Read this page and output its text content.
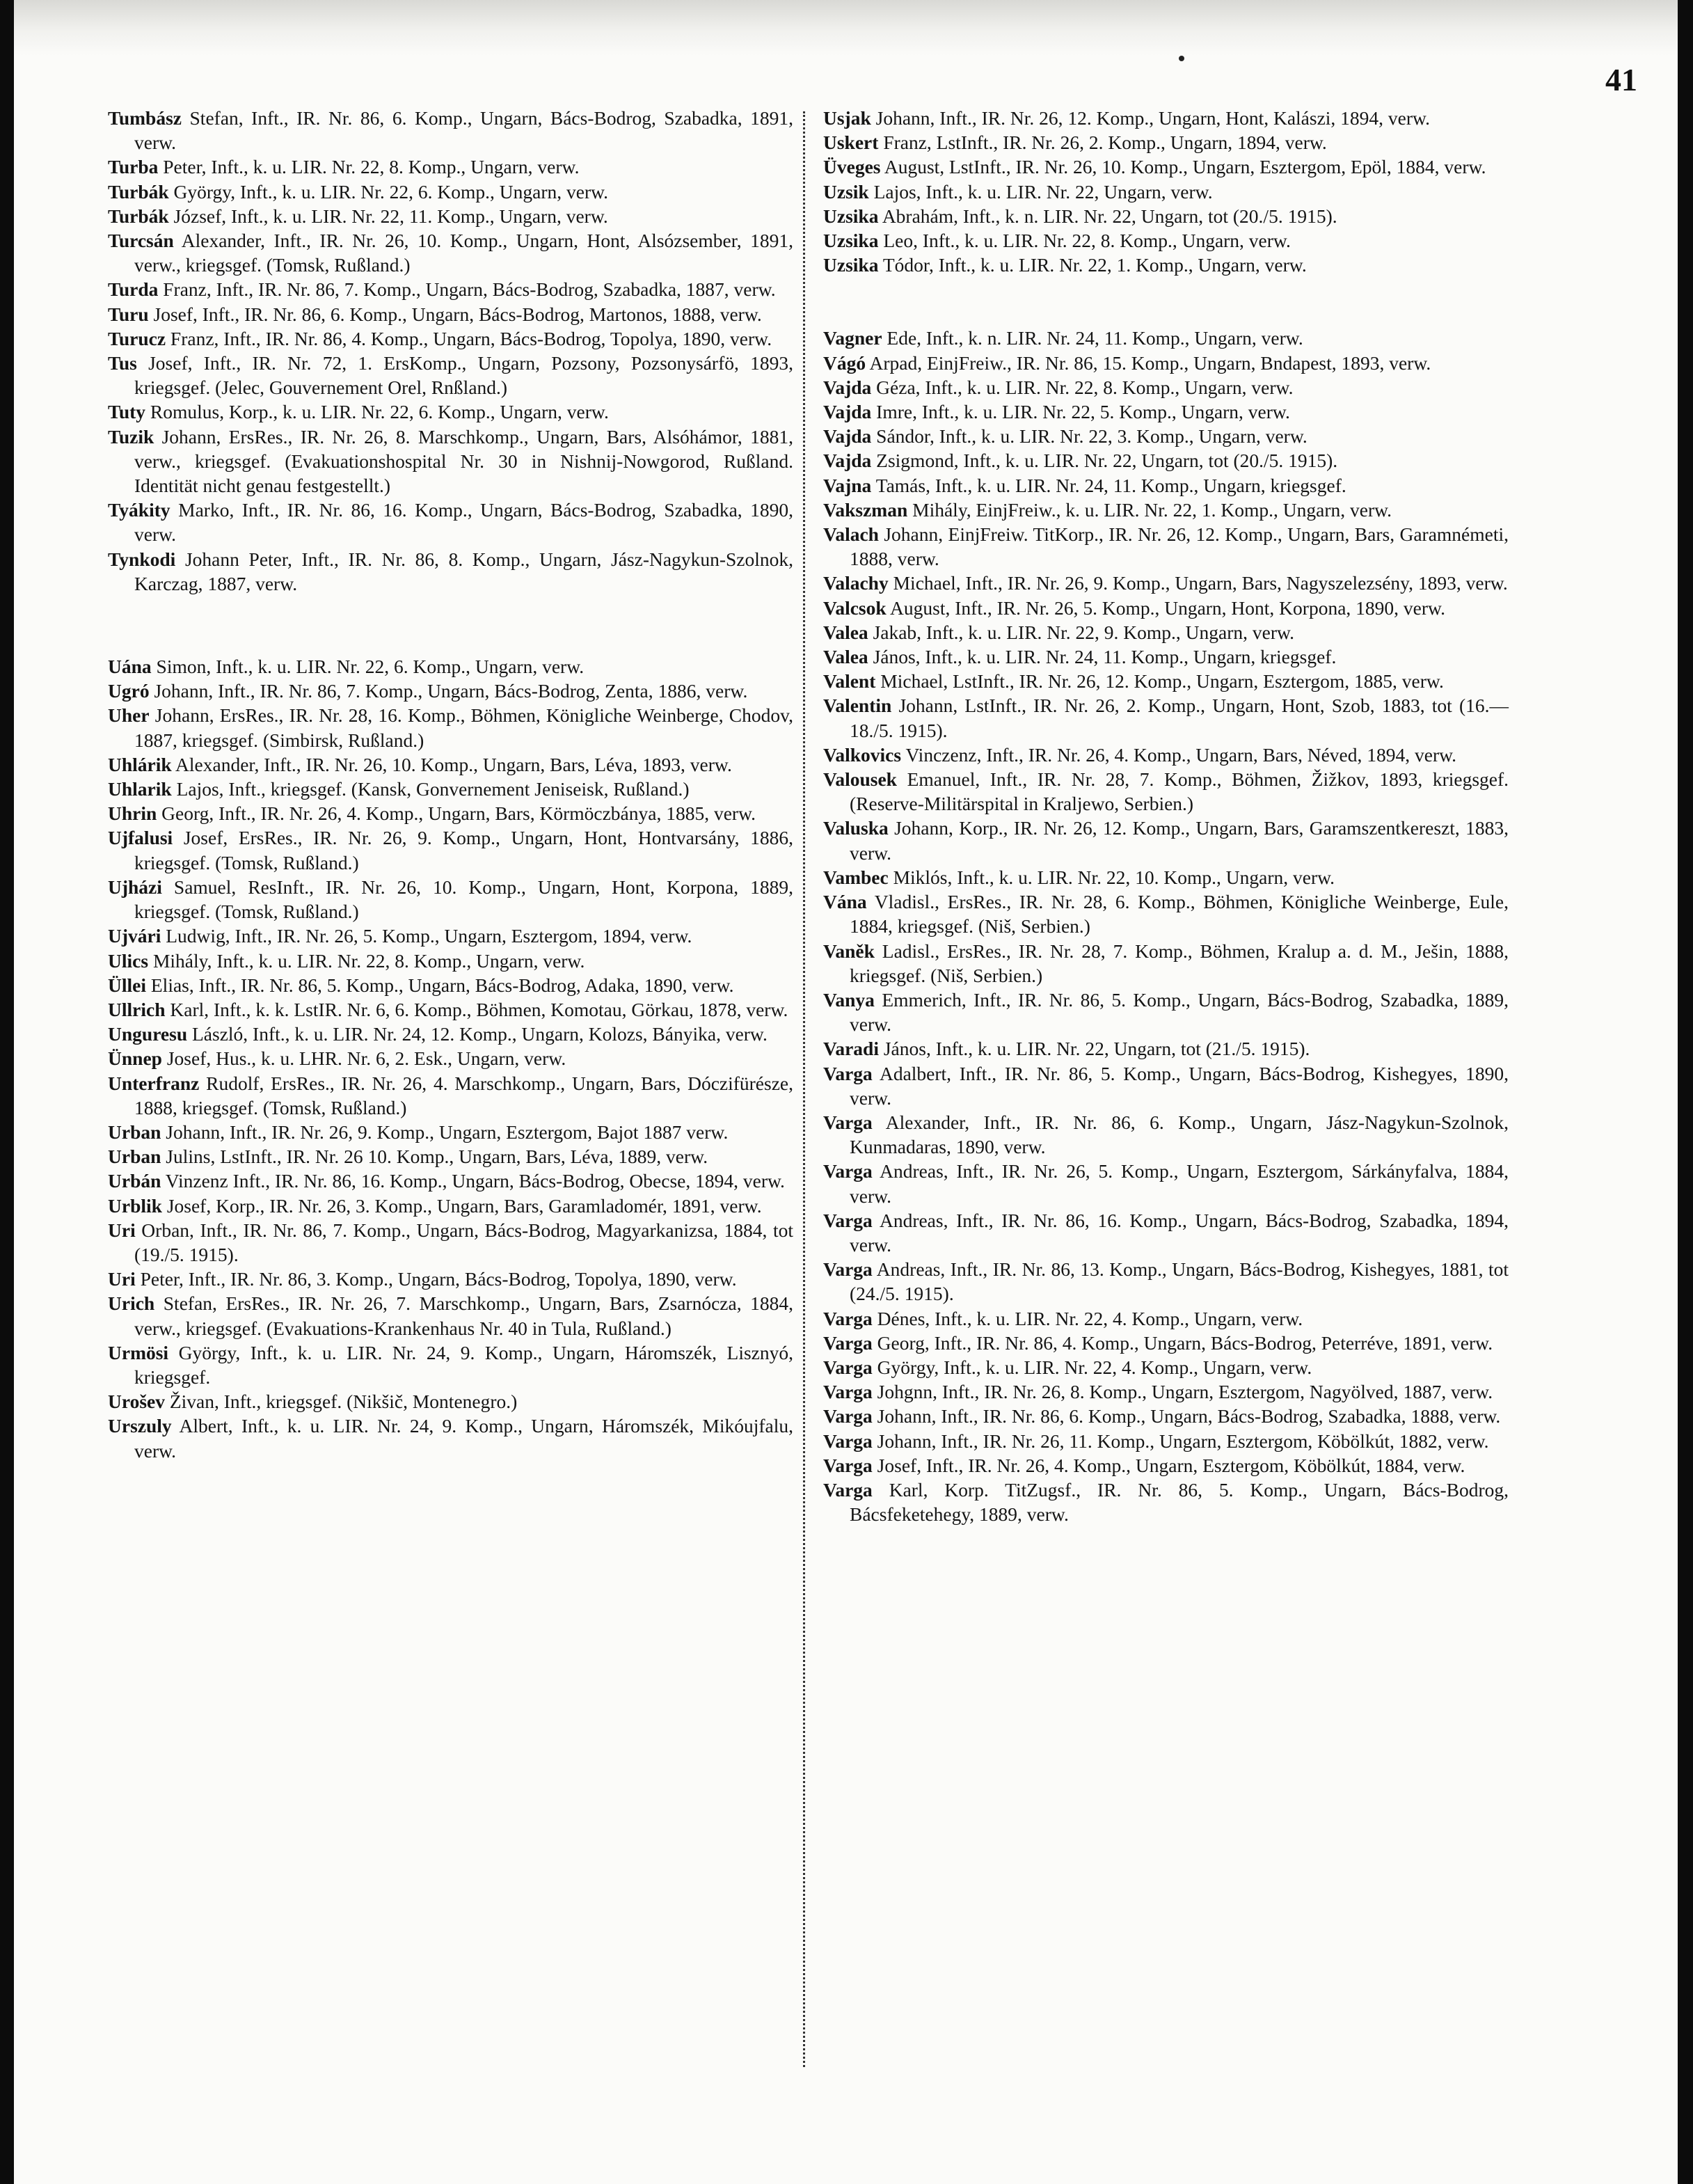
41

Tumbász Stefan, Inft., IR. Nr. 86, 6. Komp., Ungarn, Bács-Bodrog, Szabadka, 1891, verw.

Turba Peter, Inft., k. u. LIR. Nr. 22, 8. Komp., Ungarn, verw.

Turbák György, Inft., k. u. LIR. Nr. 22, 6. Komp., Ungarn, verw.

Turbák József, Inft., k. u. LIR. Nr. 22, 11. Komp., Ungarn, verw.

Turcsán Alexander, Inft., IR. Nr. 26, 10. Komp., Ungarn, Hont, Alsózsember, 1891, verw., kriegsgef. (Tomsk, Rußland.)

Turda Franz, Inft., IR. Nr. 86, 7. Komp., Ungarn, Bács-Bodrog, Szabadka, 1887, verw.

Turu Josef, Inft., IR. Nr. 86, 6. Komp., Ungarn, Bács-Bodrog, Martonos, 1888, verw.

Turucz Franz, Inft., IR. Nr. 86, 4. Komp., Ungarn, Bács-Bodrog, Topolya, 1890, verw.

Tus Josef, Inft., IR. Nr. 72, 1. ErsKomp., Ungarn, Pozsony, Pozsonysárfö, 1893, kriegsgef. (Jelec, Gouvernement Orel, Rnßland.)

Tuty Romulus, Korp., k. u. LIR. Nr. 22, 6. Komp., Ungarn, verw.

Tuzik Johann, ErsRes., IR. Nr. 26, 8. Marschkomp., Ungarn, Bars, Alsóhámor, 1881, verw., kriegsgef. (Evakuationshospital Nr. 30 in Nishnij-Nowgorod, Rußland. Identität nicht genau festgestellt.)

Tyákity Marko, Inft., IR. Nr. 86, 16. Komp., Ungarn, Bács-Bodrog, Szabadka, 1890, verw.

Tynkodi Johann Peter, Inft., IR. Nr. 86, 8. Komp., Ungarn, Jász-Nagykun-Szolnok, Karczag, 1887, verw.

Uána Simon, Inft., k. u. LIR. Nr. 22, 6. Komp., Ungarn, verw.

Ugró Johann, Inft., IR. Nr. 86, 7. Komp., Ungarn, Bács-Bodrog, Zenta, 1886, verw.

Uher Johann, ErsRes., IR. Nr. 28, 16. Komp., Böhmen, Königliche Weinberge, Chodov, 1887, kriegsgef. (Simbirsk, Rußland.)

Uhlárik Alexander, Inft., IR. Nr. 26, 10. Komp., Ungarn, Bars, Léva, 1893, verw.

Uhlarik Lajos, Inft., kriegsgef. (Kansk, Gonvernement Jeniseisk, Rußland.)

Uhrin Georg, Inft., IR. Nr. 26, 4. Komp., Ungarn, Bars, Körmöczbánya, 1885, verw.

Ujfalusi Josef, ErsRes., IR. Nr. 26, 9. Komp., Ungarn, Hont, Hontvarsány, 1886, kriegsgef. (Tomsk, Rußland.)

Ujházi Samuel, ResInft., IR. Nr. 26, 10. Komp., Ungarn, Hont, Korpona, 1889, kriegsgef. (Tomsk, Rußland.)

Ujvári Ludwig, Inft., IR. Nr. 26, 5. Komp., Ungarn, Esztergom, 1894, verw.

Ulics Mihály, Inft., k. u. LIR. Nr. 22, 8. Komp., Ungarn, verw.

Üllei Elias, Inft., IR. Nr. 86, 5. Komp., Ungarn, Bács-Bodrog, Adaka, 1890, verw.

Ullrich Karl, Inft., k. k. LstIR. Nr. 6, 6. Komp., Böhmen, Komotau, Görkau, 1878, verw.

Unguresu László, Inft., k. u. LIR. Nr. 24, 12. Komp., Ungarn, Kolozs, Bányika, verw.

Ünnep Josef, Hus., k. u. LHR. Nr. 6, 2. Esk., Ungarn, verw.

Unterfranz Rudolf, ErsRes., IR. Nr. 26, 4. Marschkomp., Ungarn, Bars, Dóczifürésze, 1888, kriegsgef. (Tomsk, Rußland.)

Urban Johann, Inft., IR. Nr. 26, 9. Komp., Ungarn, Esztergom, Bajot 1887 verw.

Urban Julins, LstInft., IR. Nr. 26 10. Komp., Ungarn, Bars, Léva, 1889, verw.

Urbán Vinzenz Inft., IR. Nr. 86, 16. Komp., Ungarn, Bács-Bodrog, Obecse, 1894, verw.

Urblik Josef, Korp., IR. Nr. 26, 3. Komp., Ungarn, Bars, Garamladomér, 1891, verw.

Uri Orban, Inft., IR. Nr. 86, 7. Komp., Ungarn, Bács-Bodrog, Magyarkanizsa, 1884, tot (19./5. 1915).

Uri Peter, Inft., IR. Nr. 86, 3. Komp., Ungarn, Bács-Bodrog, Topolya, 1890, verw.

Urich Stefan, ErsRes., IR. Nr. 26, 7. Marschkomp., Ungarn, Bars, Zsarnócza, 1884, verw., kriegsgef. (Evakuations-Krankenhaus Nr. 40 in Tula, Rußland.)

Urmösi György, Inft., k. u. LIR. Nr. 24, 9. Komp., Ungarn, Háromszék, Lisznyó, kriegsgef.

Urošev Živan, Inft., kriegsgef. (Nikšič, Montenegro.)

Urszuly Albert, Inft., k. u. LIR. Nr. 24, 9. Komp., Ungarn, Háromszék, Mikóujfalu, verw.

Usjak Johann, Inft., IR. Nr. 26, 12. Komp., Ungarn, Hont, Kalászi, 1894, verw.

Uskert Franz, LstInft., IR. Nr. 26, 2. Komp., Ungarn, 1894, verw.

Üveges August, LstInft., IR. Nr. 26, 10. Komp., Ungarn, Esztergom, Epöl, 1884, verw.

Uzsik Lajos, Inft., k. u. LIR. Nr. 22, Ungarn, verw.

Uzsika Abrahám, Inft., k. n. LIR. Nr. 22, Ungarn, tot (20./5. 1915).

Uzsika Leo, Inft., k. u. LIR. Nr. 22, 8. Komp., Ungarn, verw.

Uzsika Tódor, Inft., k. u. LIR. Nr. 22, 1. Komp., Ungarn, verw.

Vagner Ede, Inft., k. n. LIR. Nr. 24, 11. Komp., Ungarn, verw.

Vágó Arpad, EinjFreiw., IR. Nr. 86, 15. Komp., Ungarn, Bndapest, 1893, verw.

Vajda Géza, Inft., k. u. LIR. Nr. 22, 8. Komp., Ungarn, verw.

Vajda Imre, Inft., k. u. LIR. Nr. 22, 5. Komp., Ungarn, verw.

Vajda Sándor, Inft., k. u. LIR. Nr. 22, 3. Komp., Ungarn, verw.

Vajda Zsigmond, Inft., k. u. LIR. Nr. 22, Ungarn, tot (20./5. 1915).

Vajna Tamás, Inft., k. u. LIR. Nr. 24, 11. Komp., Ungarn, kriegsgef.

Vakszman Mihály, EinjFreiw., k. u. LIR. Nr. 22, 1. Komp., Ungarn, verw.

Valach Johann, EinjFreiw. TitKorp., IR. Nr. 26, 12. Komp., Ungarn, Bars, Garamnémeti, 1888, verw.

Valachy Michael, Inft., IR. Nr. 26, 9. Komp., Ungarn, Bars, Nagyszelezsény, 1893, verw.

Valcsok August, Inft., IR. Nr. 26, 5. Komp., Ungarn, Hont, Korpona, 1890, verw.

Valea Jakab, Inft., k. u. LIR. Nr. 22, 9. Komp., Ungarn, verw.

Valea János, Inft., k. u. LIR. Nr. 24, 11. Komp., Ungarn, kriegsgef.

Valent Michael, LstInft., IR. Nr. 26, 12. Komp., Ungarn, Esztergom, 1885, verw.

Valentin Johann, LstInft., IR. Nr. 26, 2. Komp., Ungarn, Hont, Szob, 1883, tot (16.—18./5. 1915).

Valkovics Vinczenz, Inft., IR. Nr. 26, 4. Komp., Ungarn, Bars, Néved, 1894, verw.

Valousek Emanuel, Inft., IR. Nr. 28, 7. Komp., Böhmen, Žižkov, 1893, kriegsgef. (Reserve-Militärspital in Kraljewo, Serbien.)

Valuska Johann, Korp., IR. Nr. 26, 12. Komp., Ungarn, Bars, Garamszentkereszt, 1883, verw.

Vambec Miklós, Inft., k. u. LIR. Nr. 22, 10. Komp., Ungarn, verw.

Vána Vladisl., ErsRes., IR. Nr. 28, 6. Komp., Böhmen, Königliche Weinberge, Eule, 1884, kriegsgef. (Niš, Serbien.)

Vaněk Ladisl., ErsRes., IR. Nr. 28, 7. Komp., Böhmen, Kralup a. d. M., Ješin, 1888, kriegsgef. (Niš, Serbien.)

Vanya Emmerich, Inft., IR. Nr. 86, 5. Komp., Ungarn, Bács-Bodrog, Szabadka, 1889, verw.

Varadi János, Inft., k. u. LIR. Nr. 22, Ungarn, tot (21./5. 1915).

Varga Adalbert, Inft., IR. Nr. 86, 5. Komp., Ungarn, Bács-Bodrog, Kishegyes, 1890, verw.

Varga Alexander, Inft., IR. Nr. 86, 6. Komp., Ungarn, Jász-Nagykun-Szolnok, Kunmadaras, 1890, verw.

Varga Andreas, Inft., IR. Nr. 26, 5. Komp., Ungarn, Esztergom, Sárkányfalva, 1884, verw.

Varga Andreas, Inft., IR. Nr. 86, 16. Komp., Ungarn, Bács-Bodrog, Szabadka, 1894, verw.

Varga Andreas, Inft., IR. Nr. 86, 13. Komp., Ungarn, Bács-Bodrog, Kishegyes, 1881, tot (24./5. 1915).

Varga Dénes, Inft., k. u. LIR. Nr. 22, 4. Komp., Ungarn, verw.

Varga Georg, Inft., IR. Nr. 86, 4. Komp., Ungarn, Bács-Bodrog, Peterréve, 1891, verw.

Varga György, Inft., k. u. LIR. Nr. 22, 4. Komp., Ungarn, verw.

Varga Johgnn, Inft., IR. Nr. 26, 8. Komp., Ungarn, Esztergom, Nagyölved, 1887, verw.

Varga Johann, Inft., IR. Nr. 86, 6. Komp., Ungarn, Bács-Bodrog, Szabadka, 1888, verw.

Varga Johann, Inft., IR. Nr. 26, 11. Komp., Ungarn, Esztergom, Köbölkút, 1882, verw.

Varga Josef, Inft., IR. Nr. 26, 4. Komp., Ungarn, Esztergom, Köbölkút, 1884, verw.

Varga Karl, Korp. TitZugsf., IR. Nr. 86, 5. Komp., Ungarn, Bács-Bodrog, Bácsfeketehegy, 1889, verw.
